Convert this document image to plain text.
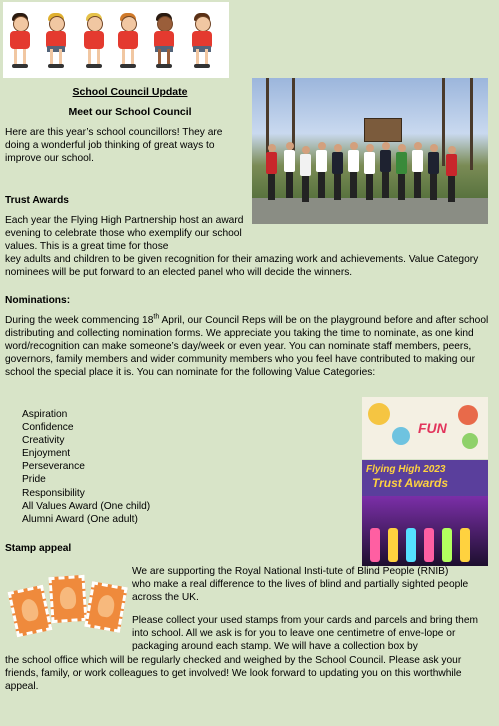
School Council Update
Meet our School Council
Here are this year’s school councillors! They are doing a wonderful job thinking of great ways to improve our school.
Trust Awards
Each year the Flying High Partnership host an award evening to celebrate those who exemplify our school values. This is a great time for those
key adults and children to be given recognition for their amazing work and achievements. Value Category nominees will be put forward to an elected panel who will decide the winners.
Nominations:
During the week commencing 18th April, our Council Reps will be on the playground before and after school distributing and collecting nomination forms. We appreciate you taking the time to nominate, as one kind word/recognition can make someone’s day/week or even year. You can nominate staff members, peers, governors, family members and wider community members who you feel have contributed to making our school the special place it is. You can nominate for the following Value Categories:
Aspiration
Confidence
Creativity
Enjoyment
Perseverance
Pride
Responsibility
All Values Award (One child)
Alumni Award (One adult)
FUN
Flying High 2023
Trust Awards
Stamp appeal
We are supporting the Royal National Insti-tute of Blind People (RNIB)who make a real difference to the lives of blind and partially sighted people across the UK.
Please collect your used stamps from your cards and parcels and bring them into school. All we ask is for you to leave one centimetre of enve-lope or packaging around each stamp. We will have a collection box by
the school office which will be regularly checked and weighed by the School Council. Please ask your friends, family, or work colleagues to get involved! We look forward to updating you on this worthwhile appeal.
